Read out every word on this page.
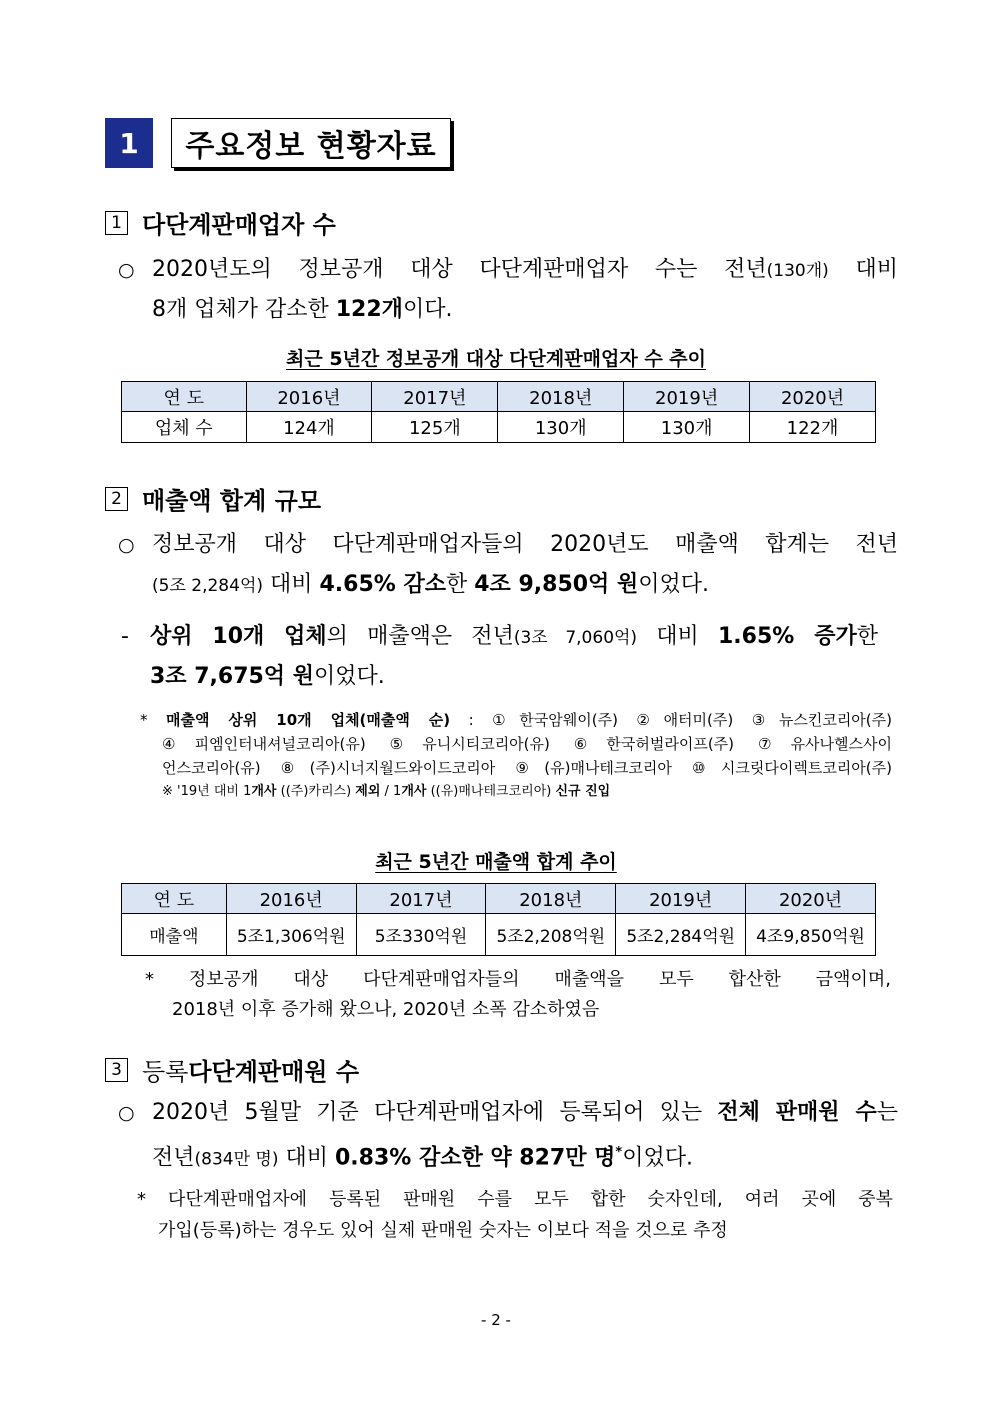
1	주요정보 현황자료
1 다단계판매업자 수
○ 2020년도의 정보공개 대상 다단계판매업자 수는 전년(130개) 대비
8개 업체가 감소한 122개이다.
최근 5년간 정보공개 대상 다단계판매업자 수 추이
연 도	2016년	2017년	2018년	2019년	2020년
업체 수	124개	125개	130개	130개	122개
2 매출액 합계 규모
○ 정보공개 대상 다단계판매업자들의 2020년도 매출액 합계는 전년
(5조 2,284억) 대비 4.65% 감소한 4조 9,850억 원이었다.
- 상위 10개 업체의 매출액은 전년(3조 7,060억) 대비 1.65% 증가한
3조 7,675억 원이었다.
* 매출액 상위 10개 업체(매출액 순) : ①한국암웨이(주) ②애터미(주) ③뉴스킨코리아(주)
④피엠인터내셔널코리아(유) ⑤유니시티코리아(유) ⑥한국허벌라이프(주) ⑦유사나헬스사이
언스코리아(유) ⑧(주)시너지월드와이드코리아 ⑨(유)매나테크코리아 ⑩시크릿다이렉트코리아(주)
※ '19년 대비 1개사 ((주)카리스) 제외 / 1개사 ((유)매나테크코리아) 신규 진입
최근 5년간 매출액 합계 추이
연 도	2016년	2017년	2018년	2019년	2020년
매출액	5조1,306억원	5조330억원	5조2,208억원	5조2,284억원	4조9,850억원
* 정보공개 대상 다단계판매업자들의 매출액을 모두 합산한 금액이며,
2018년 이후 증가해 왔으나, 2020년 소폭 감소하였음
3 등록 다단계판매원 수
○ 2020년 5월말 기준 다단계판매업자에 등록되어 있는 전체 판매원 수는
전년(834만 명) 대비 0.83% 감소한 약 827만 명*이었다.
* 다단계판매업자에 등록된 판매원 수를 모두 합한 숫자인데, 여러 곳에 중복
가입(등록)하는 경우도 있어 실제 판매원 숫자는 이보다 적을 것으로 추정
- 2 -
